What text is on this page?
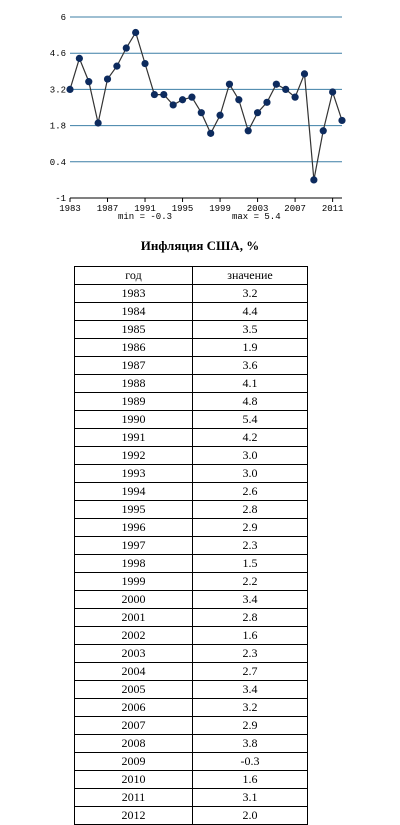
6
4.6
3.2
1.8
0.4
-1
1983 1987 1991 1995 1999 2003 2007 2011
min = -0.3	max = 5.4
Инфляция США, %
год	значение
1983	3.2
1984	4.4
1985	3.5
1986	1.9
1987	3.6
1988	4.1
1989	4.8
1990	5.4
1991	4.2
1992	3.0
1993	3.0
1994	2.6
1995	2.8
1996	2.9
1997	2.3
1998	1.5
1999	2.2
2000	3.4
2001	2.8
2002	1.6
2003	2.3
2004	2.7
2005	3.4
2006	3.2
2007	2.9
2008	3.8
2009	-0.3
2010	1.6
2011	3.1
2012	2.0
